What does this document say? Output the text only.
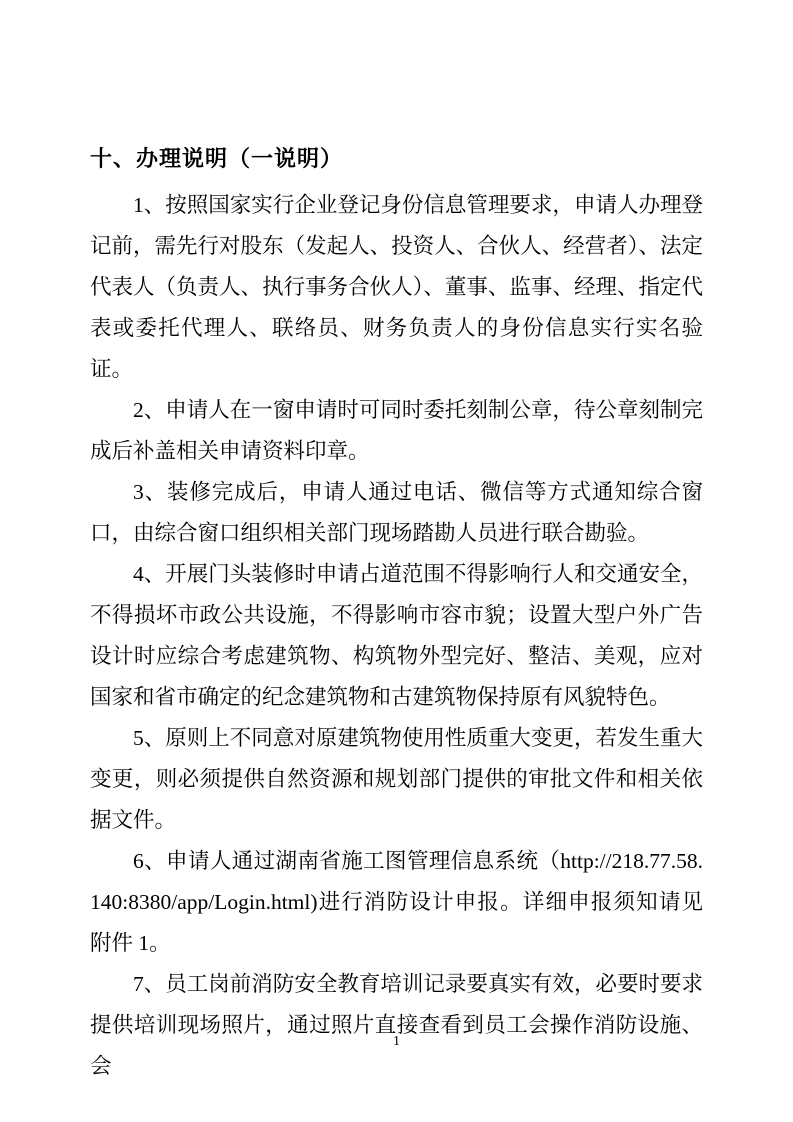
十、办理说明（一说明）

1、按照国家实行企业登记身份信息管理要求，申请人办理登记前，需先行对股东（发起人、投资人、合伙人、经营者）、法定代表人（负责人、执行事务合伙人）、董事、监事、经理、指定代表或委托代理人、联络员、财务负责人的身份信息实行实名验证。

2、申请人在一窗申请时可同时委托刻制公章，待公章刻制完成后补盖相关申请资料印章。

3、装修完成后，申请人通过电话、微信等方式通知综合窗口，由综合窗口组织相关部门现场踏勘人员进行联合勘验。

4、开展门头装修时申请占道范围不得影响行人和交通安全，不得损坏市政公共设施，不得影响市容市貌；设置大型户外广告设计时应综合考虑建筑物、构筑物外型完好、整洁、美观，应对国家和省市确定的纪念建筑物和古建筑物保持原有风貌特色。

5、原则上不同意对原建筑物使用性质重大变更，若发生重大变更，则必须提供自然资源和规划部门提供的审批文件和相关依据文件。

6、申请人通过湖南省施工图管理信息系统（http://218.77.58.140:8380/app/Login.html)进行消防设计申报。详细申报须知请见附件 1。

7、员工岗前消防安全教育培训记录要真实有效，必要时要求提供培训现场照片，通过照片直接查看到员工会操作消防设施、会

1
